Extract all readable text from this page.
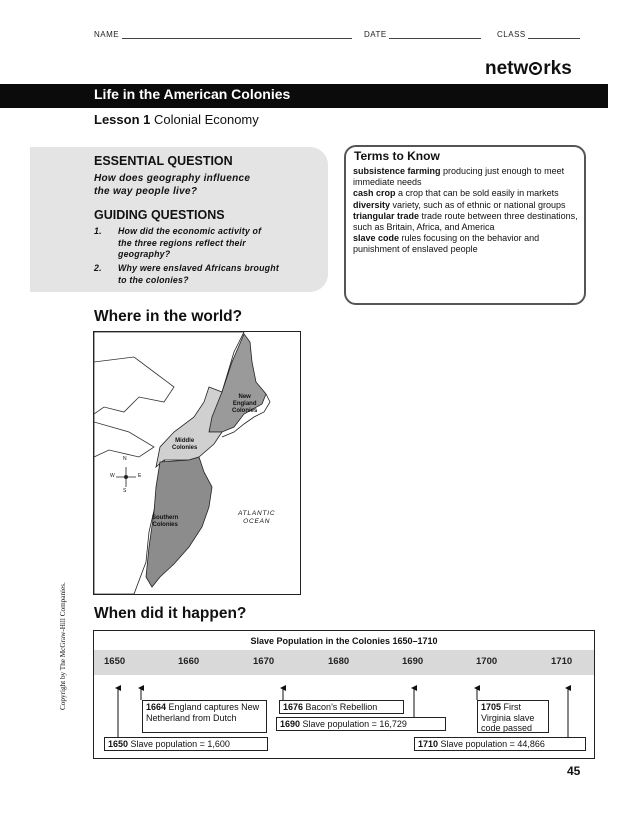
NAME	DATE	CLASS
netw rks
Life in the American Colonies
Lesson 1 Colonial Economy
ESSENTIAL QUESTION
How does geography influence
the way people live?
GUIDING QUESTIONS
1. How did the economic activity of
the three regions reflect their
geography?
2. Why were enslaved Africans brought
to the colonies?
Terms to Know
subsistence farming producing just enough to meet immediate needs
cash crop a crop that can be sold easily in markets
diversity variety, such as of ethnic or national groups
triangular trade trade route between three destinations, such as Britain, Africa, and America
slave code rules focusing on the behavior and punishment of enslaved people
Where in the world?
N
S
W	E
New
England
Colonies
Middle
Colonies
Southern
Colonies
ATLANTIC
OCEAN
Copyright by The McGraw-Hill Companies. When did it happen?
Slave Population in the Colonies 1650–1710
1650	1660	1670	1680	1690	1700	1710
1664 England captures New Netherland from Dutch
1676 Bacon's Rebellion
1690 Slave population = 16,729
1705 First Virginia slave code passed
1650 Slave population = 1,600	1710 Slave population = 44,866
45
